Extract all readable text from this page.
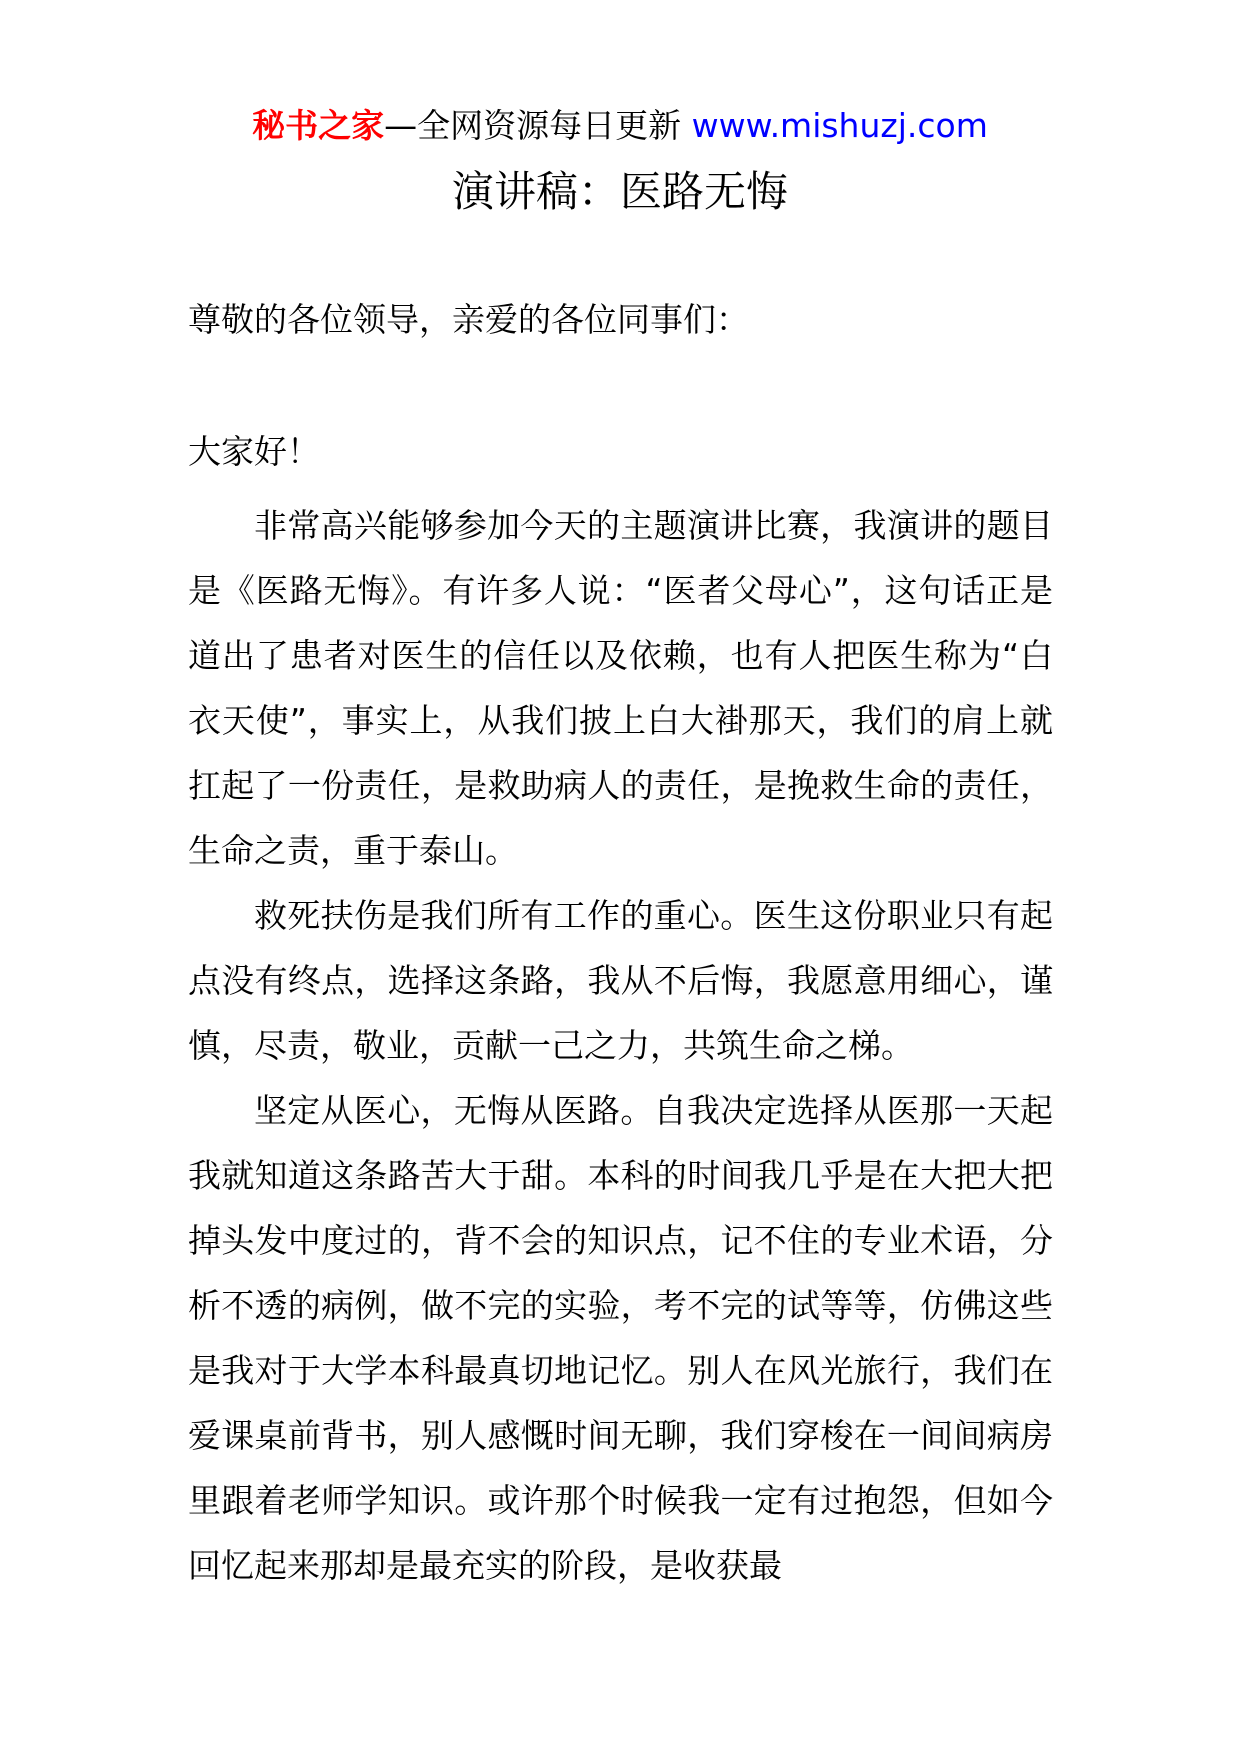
秘书之家—全网资源每日更新 www.mishuzj.com
演讲稿：医路无悔
尊敬的各位领导，亲爱的各位同事们：
大家好！

非常高兴能够参加今天的主题演讲比赛，我演讲的题目是《医路无悔》。有许多人说：“医者父母心”，这句话正是道出了患者对医生的信任以及依赖，也有人把医生称为“白衣天使”，事实上，从我们披上白大褂那天，我们的肩上就扛起了一份责任，是救助病人的责任，是挽救生命的责任，生命之责，重于泰山。

救死扶伤是我们所有工作的重心。医生这份职业只有起点没有终点，选择这条路，我从不后悔，我愿意用细心，谨慎，尽责，敬业，贡献一己之力，共筑生命之梯。

坚定从医心，无悔从医路。自我决定选择从医那一天起我就知道这条路苦大于甜。本科的时间我几乎是在大把大把掉头发中度过的，背不会的知识点，记不住的专业术语，分析不透的病例，做不完的实验，考不完的试等等，仿佛这些是我对于大学本科最真切地记忆。别人在风光旅行，我们在爱课桌前背书，别人感慨时间无聊，我们穿梭在一间间病房里跟着老师学知识。或许那个时候我一定有过抱怨，但如今回忆起来那却是最充实的阶段，是收获最
